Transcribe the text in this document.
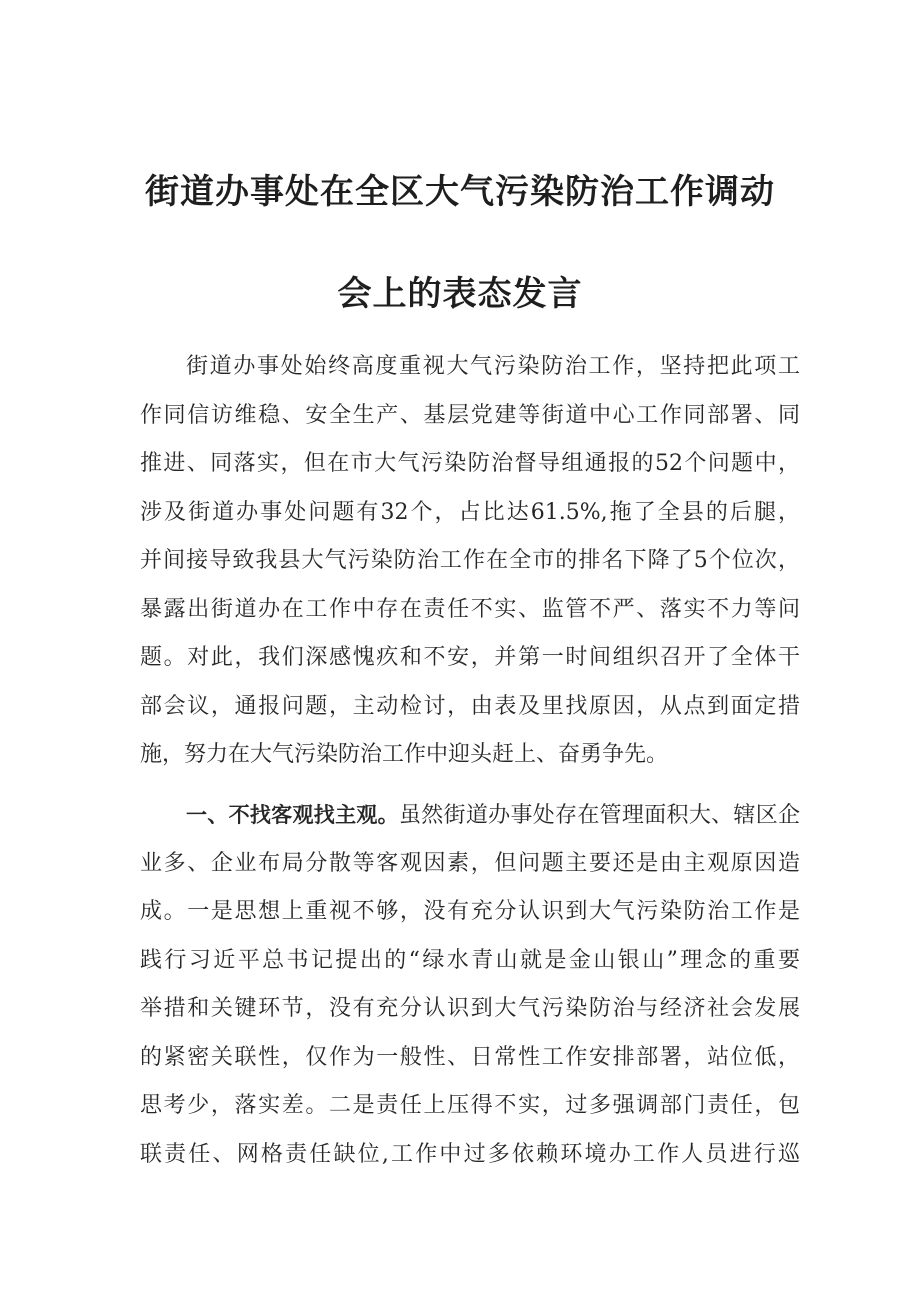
街道办事处在全区大气污染防治工作调动
会上的表态发言
街道办事处始终高度重视大气污染防治工作，坚持把此项工
作同信访维稳、安全生产、基层党建等街道中心工作同部署、同
推进、同落实，但在市大气污染防治督导组通报的52个问题中，
涉及街道办事处问题有32个，占比达61.5%,拖了全县的后腿，
并间接导致我县大气污染防治工作在全市的排名下降了5个位次，
暴露出街道办在工作中存在责任不实、监管不严、落实不力等问
题。对此，我们深感愧疚和不安，并第一时间组织召开了全体干
部会议，通报问题，主动检讨，由表及里找原因，从点到面定措
施，努力在大气污染防治工作中迎头赶上、奋勇争先。
一、不找客观找主观。虽然街道办事处存在管理面积大、辖区企
业多、企业布局分散等客观因素，但问题主要还是由主观原因造
成。一是思想上重视不够，没有充分认识到大气污染防治工作是
践行习近平总书记提出的“绿水青山就是金山银山”理念的重要
举措和关键环节，没有充分认识到大气污染防治与经济社会发展
的紧密关联性，仅作为一般性、日常性工作安排部署，站位低，
思考少，落实差。二是责任上压得不实，过多强调部门责任，包
联责任、网格责任缺位,工作中过多依赖环境办工作人员进行巡
